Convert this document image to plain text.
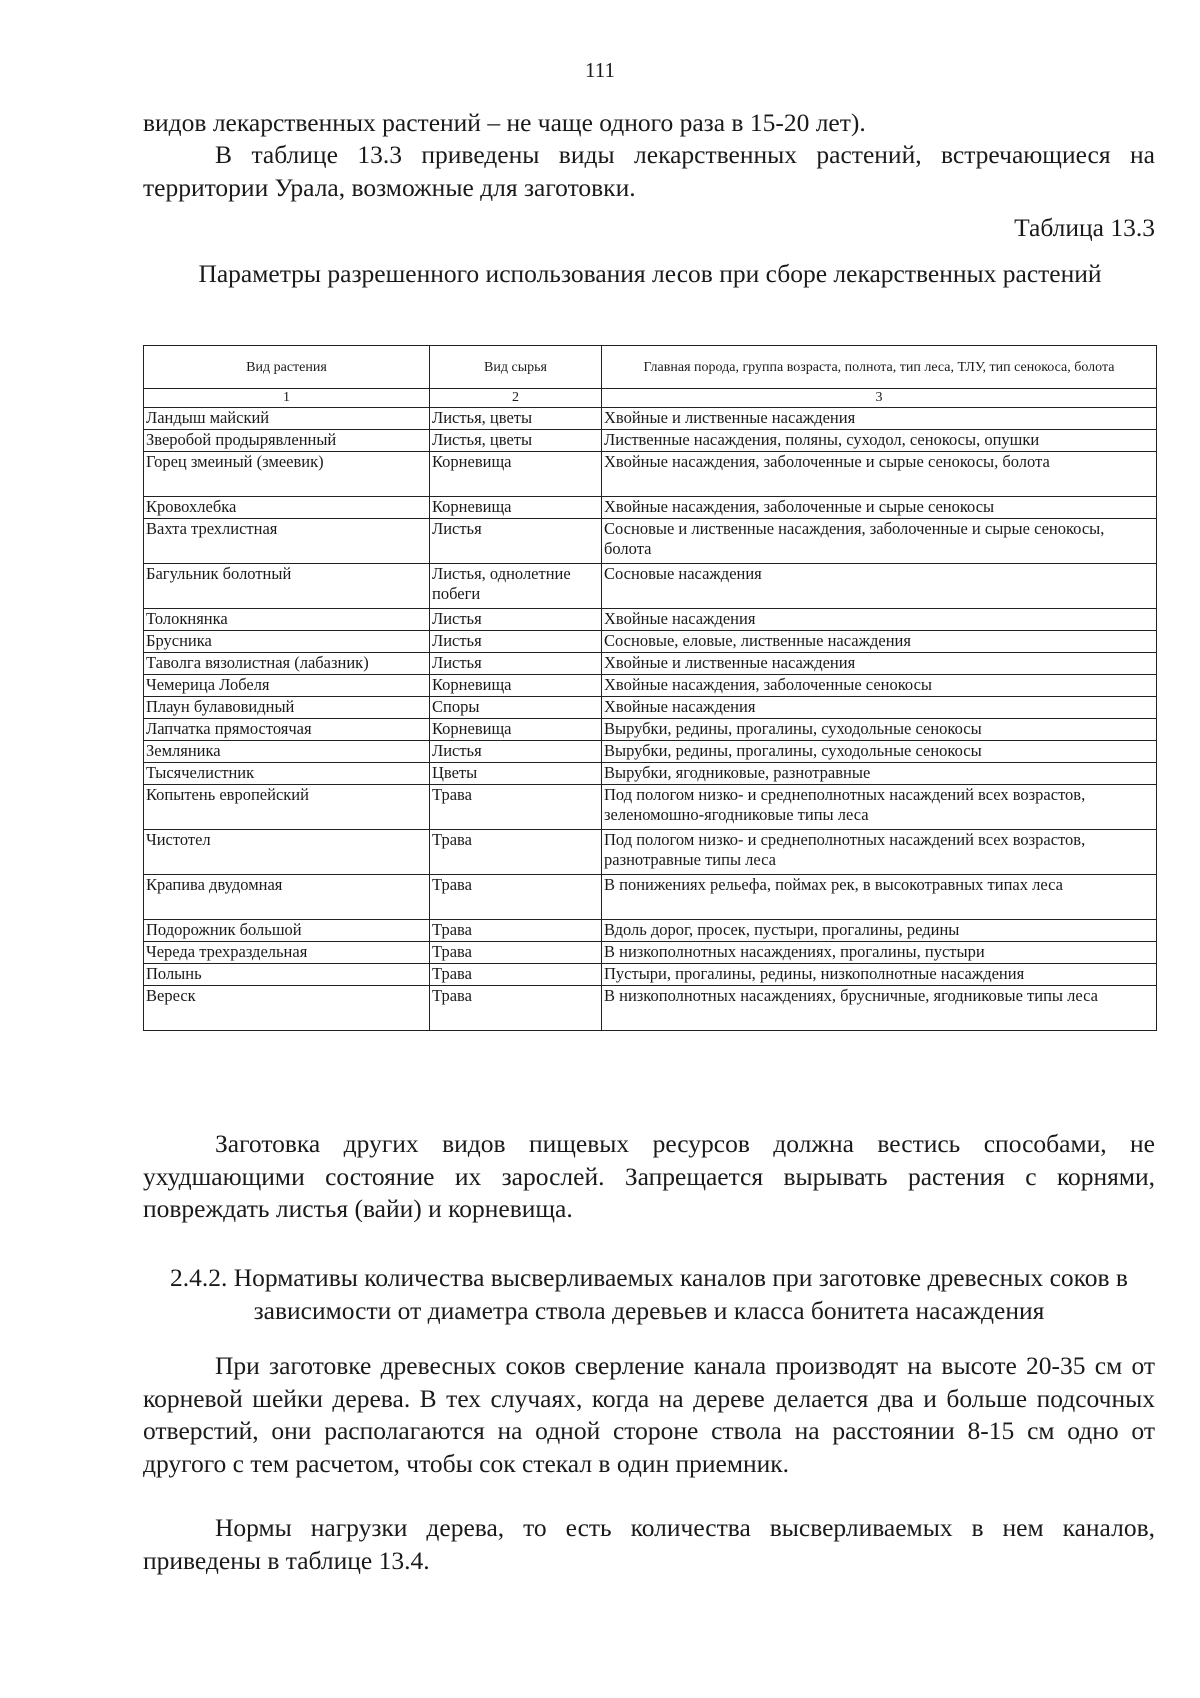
111

видов лекарственных растений – не чаще одного раза в 15-20 лет).

В таблице 13.3 приведены виды лекарственных растений, встречающиеся на территории Урала, возможные для заготовки.

Таблица 13.3
Параметры разрешенного использования лесов при сборе лекарственных растений
Вид растения	Вид сырья	Главная порода, группа возраста, полнота, тип леса, ТЛУ, тип сенокоса, болота
1	2	3
Ландыш майский	Листья, цветы	Хвойные и лиственные насаждения
Зверобой продырявленный	Листья, цветы	Лиственные насаждения, поляны, суходол, сенокосы, опушки
Горец змеиный (змеевик)	Корневища	Хвойные насаждения, заболоченные и сырые сенокосы, болота
Кровохлебка	Корневища	Хвойные насаждения, заболоченные и сырые сенокосы
Вахта трехлистная	Листья	Сосновые и лиственные насаждения, заболоченные и сырые сенокосы, болота
Багульник болотный	Листья, однолетние побеги	Сосновые насаждения
Толокнянка	Листья	Хвойные насаждения
Брусника	Листья	Сосновые, еловые, лиственные насаждения
Таволга вязолистная (лабазник)	Листья	Хвойные и лиственные насаждения
Чемерица Лобеля	Корневища	Хвойные насаждения, заболоченные сенокосы
Плаун булавовидный	Споры	Хвойные насаждения
Лапчатка прямостоячая	Корневища	Вырубки, редины, прогалины, суходольные сенокосы
Земляника	Листья	Вырубки, редины, прогалины, суходольные сенокосы
Тысячелистник	Цветы	Вырубки, ягодниковые, разнотравные
Копытень европейский	Трава	Под пологом низко- и среднеполнотных насаждений всех возрастов, зеленомошно-ягодниковые типы леса
Чистотел	Трава	Под пологом низко- и среднеполнотных насаждений всех возрастов, разнотравные типы леса
Крапива двудомная	Трава	В понижениях рельефа, поймах рек, в высокотравных типах леса
Подорожник большой	Трава	Вдоль дорог, просек, пустыри, прогалины, редины
Череда трехраздельная	Трава	В низкополнотных насаждениях, прогалины, пустыри
Полынь	Трава	Пустыри, прогалины, редины, низкополнотные насаждения
Вереск	Трава	В низкополнотных насаждениях, брусничные, ягодниковые типы леса

Заготовка других видов пищевых ресурсов должна вестись способами, не ухудшающими состояние их зарослей. Запрещается вырывать растения с корнями, повреждать листья (вайи) и корневища.

2.4.2. Нормативы количества высверливаемых каналов при заготовке древесных соков в зависимости от диаметра ствола деревьев и класса бонитета насаждения

При заготовке древесных соков сверление канала производят на высоте 20-35 см от корневой шейки дерева. В тех случаях, когда на дереве делается два и больше подсочных отверстий, они располагаются на одной стороне ствола на расстоянии 8-15 см одно от другого с тем расчетом, чтобы сок стекал в один приемник.

Нормы нагрузки дерева, то есть количества высверливаемых в нем каналов, приведены в таблице 13.4.
